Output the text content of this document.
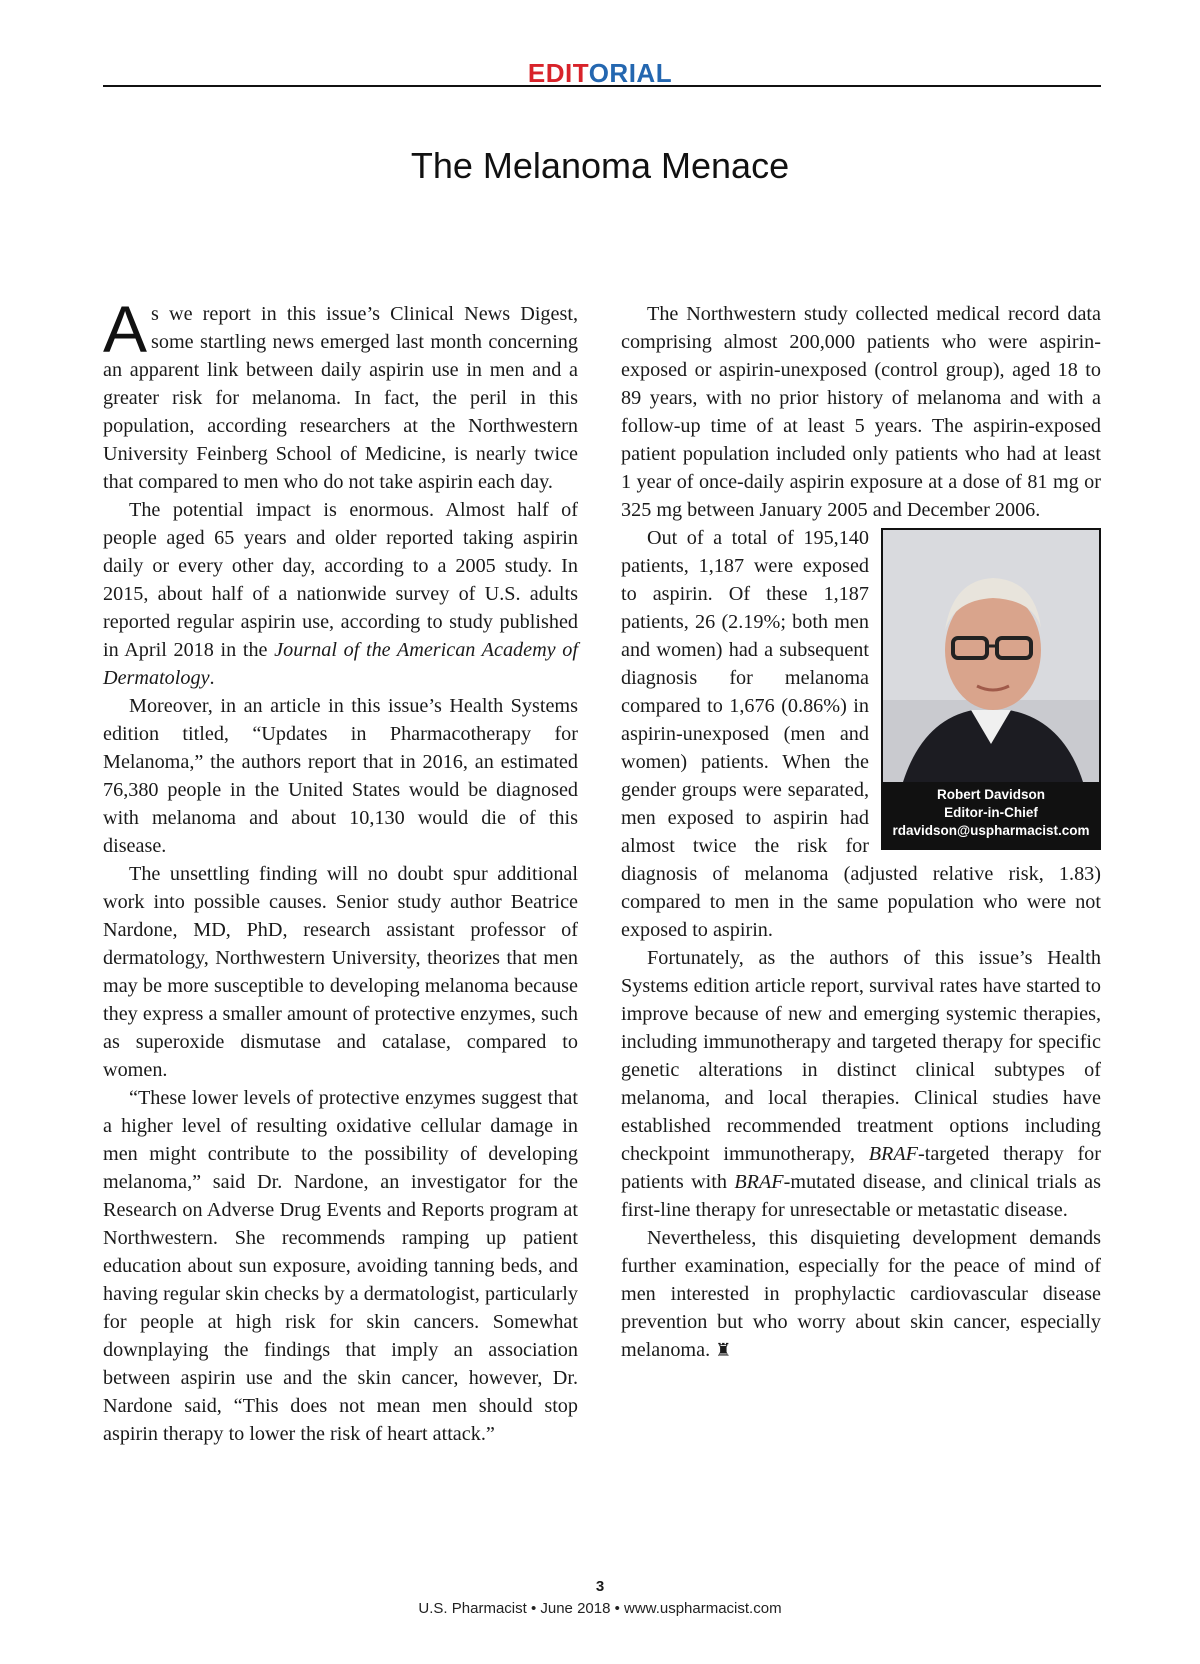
EDITORIAL
The Melanoma Menace

As we report in this issue’s Clinical News Digest, some startling news emerged last month concerning an apparent link between daily aspirin use in men and a greater risk for melanoma. In fact, the peril in this population, according researchers at the Northwestern University Feinberg School of Medicine, is nearly twice that compared to men who do not take aspirin each day.

The potential impact is enormous. Almost half of people aged 65 years and older reported taking aspirin daily or every other day, according to a 2005 study. In 2015, about half of a nationwide survey of U.S. adults reported regular aspirin use, according to study published in April 2018 in the Journal of the American Academy of Dermatology.

Moreover, in an article in this issue’s Health Systems edition titled, “Updates in Pharmacotherapy for Melanoma,” the authors report that in 2016, an estimated 76,380 people in the United States would be diagnosed with melanoma and about 10,130 would die of this disease.

The unsettling finding will no doubt spur additional work into possible causes. Senior study author Beatrice Nardone, MD, PhD, research assistant professor of dermatology, Northwestern University, theorizes that men may be more susceptible to developing melanoma because they express a smaller amount of protective enzymes, such as superoxide dismutase and catalase, compared to women.

“These lower levels of protective enzymes suggest that a higher level of resulting oxidative cellular damage in men might contribute to the possibility of developing melanoma,” said Dr. Nardone, an investigator for the Research on Adverse Drug Events and Reports program at Northwestern. She recommends ramping up patient education about sun exposure, avoiding tanning beds, and having regular skin checks by a dermatologist, particularly for people at high risk for skin cancers. Somewhat downplaying the findings that imply an association between aspirin use and the skin cancer, however, Dr. Nardone said, “This does not mean men should stop aspirin therapy to lower the risk of heart attack.”

The Northwestern study collected medical record data comprising almost 200,000 patients who were aspirin-exposed or aspirin-unexposed (control group), aged 18 to 89 years, with no prior history of melanoma and with a follow-up time of at least 5 years. The aspirin-exposed patient population included only patients who had at least 1 year of once-daily aspirin exposure at a dose of 81 mg or 325 mg between January 2005 and December 2006.

Robert Davidson
Editor-in-Chief
rdavidson@uspharmacist.com

Out of a total of 195,140 patients, 1,187 were exposed to aspirin. Of these 1,187 patients, 26 (2.19%; both men and women) had a subsequent diagnosis for melanoma compared to 1,676 (0.86%) in aspirin-unexposed (men and women) patients. When the gender groups were separated, men exposed to aspirin had almost twice the risk for diagnosis of melanoma (adjusted relative risk, 1.83) compared to men in the same population who were not exposed to aspirin.

Fortunately, as the authors of this issue’s Health Systems edition article report, survival rates have started to improve because of new and emerging systemic therapies, including immunotherapy and targeted therapy for specific genetic alterations in distinct clinical subtypes of melanoma, and local therapies. Clinical studies have established recommended treatment options including checkpoint immunotherapy, BRAF-targeted therapy for patients with BRAF-mutated disease, and clinical trials as first-line therapy for unresectable or metastatic disease.

Nevertheless, this disquieting development demands further examination, especially for the peace of mind of men interested in prophylactic cardiovascular disease prevention but who worry about skin cancer, especially melanoma. ♜

3
U.S. Pharmacist • June 2018 • www.uspharmacist.com
